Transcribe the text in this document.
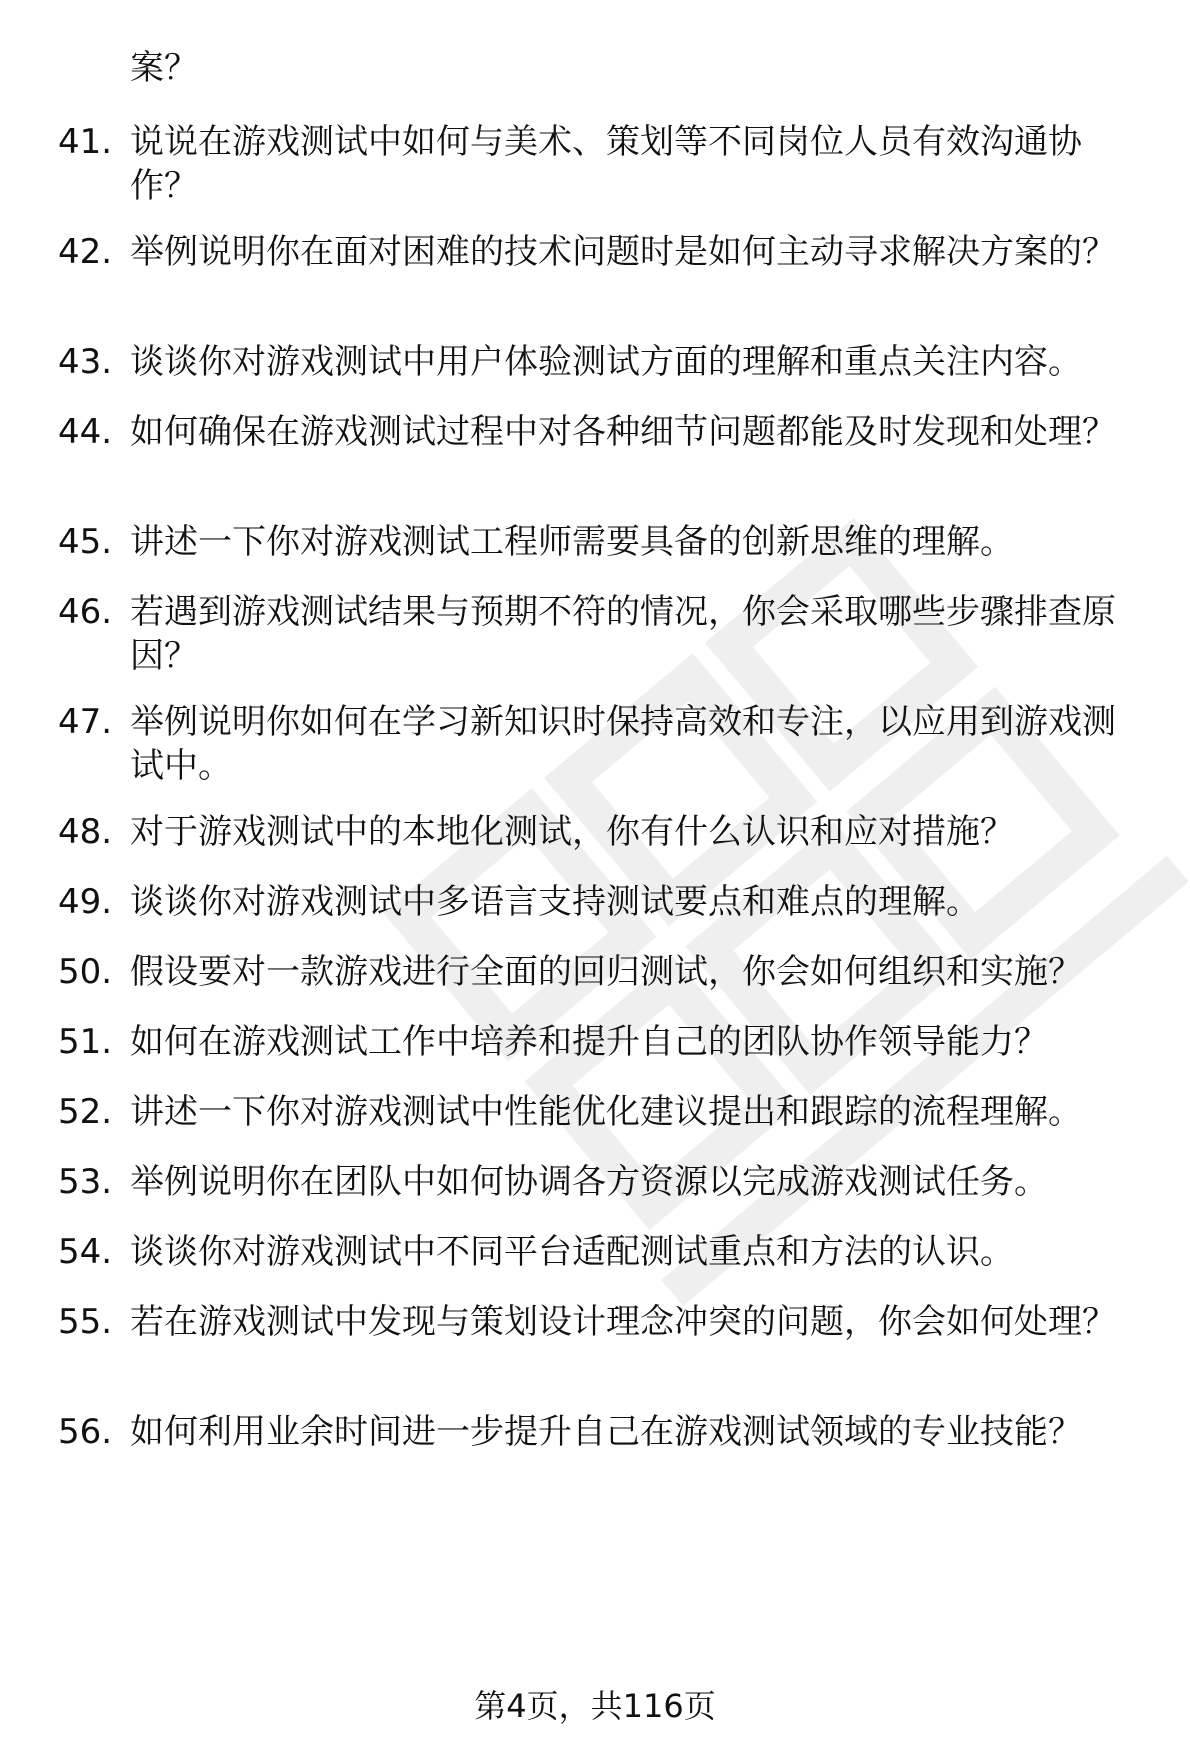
案？
41. 说说在游戏测试中如何与美术、策划等不同岗位人员有效沟通协作？
42. 举例说明你在面对困难的技术问题时是如何主动寻求解决方案的？
43. 谈谈你对游戏测试中用户体验测试方面的理解和重点关注内容。
44. 如何确保在游戏测试过程中对各种细节问题都能及时发现和处理？
45. 讲述一下你对游戏测试工程师需要具备的创新思维的理解。
46. 若遇到游戏测试结果与预期不符的情况，你会采取哪些步骤排查原因？
47. 举例说明你如何在学习新知识时保持高效和专注，以应用到游戏测试中。
48. 对于游戏测试中的本地化测试，你有什么认识和应对措施？
49. 谈谈你对游戏测试中多语言支持测试要点和难点的理解。
50. 假设要对一款游戏进行全面的回归测试，你会如何组织和实施？
51. 如何在游戏测试工作中培养和提升自己的团队协作领导能力？
52. 讲述一下你对游戏测试中性能优化建议提出和跟踪的流程理解。
53. 举例说明你在团队中如何协调各方资源以完成游戏测试任务。
54. 谈谈你对游戏测试中不同平台适配测试重点和方法的认识。
55. 若在游戏测试中发现与策划设计理念冲突的问题，你会如何处理？
56. 如何利用业余时间进一步提升自己在游戏测试领域的专业技能？
第4页，共116页
